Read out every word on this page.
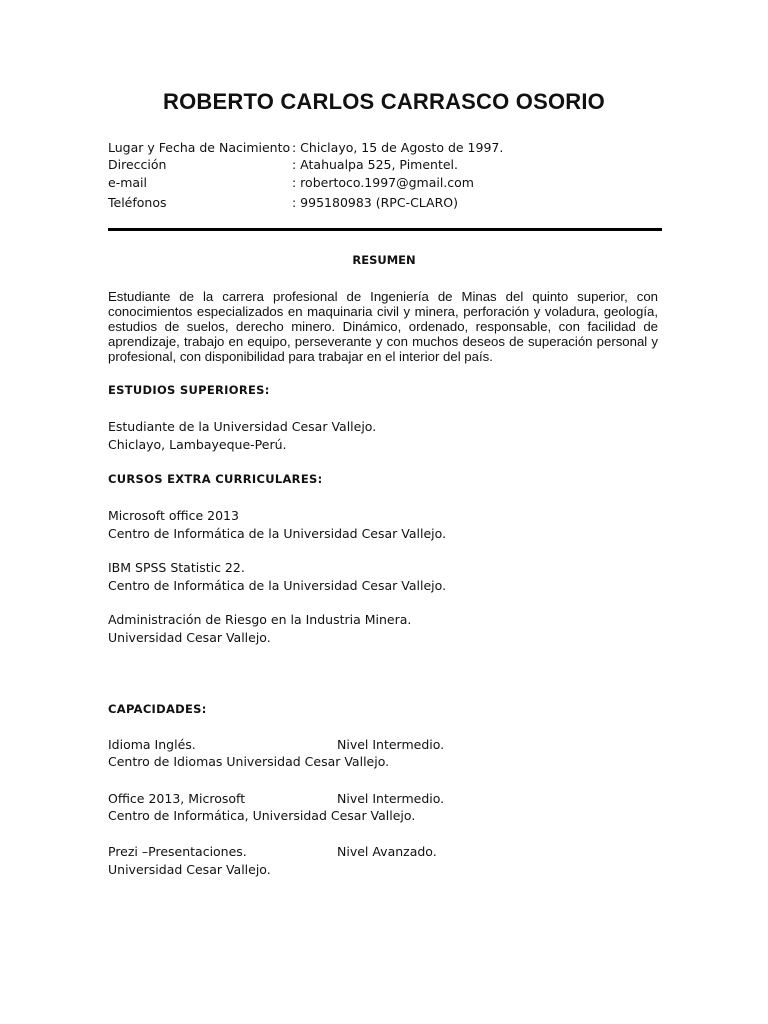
ROBERTO CARLOS CARRASCO OSORIO
Lugar y Fecha de Nacimiento : Chiclayo, 15 de Agosto de 1997.
Dirección	: Atahualpa 525, Pimentel.
e-mail	: robertoco.1997@gmail.com
Teléfonos	: 995180983 (RPC-CLARO)
RESUMEN
Estudiante de la carrera profesional de Ingeniería de Minas del quinto superior, con conocimientos especializados en maquinaria civil y minera, perforación y voladura, geología, estudios de suelos, derecho minero. Dinámico, ordenado, responsable, con facilidad de aprendizaje, trabajo en equipo, perseverante y con muchos deseos de superación personal y profesional, con disponibilidad para trabajar en el interior del país.
ESTUDIOS SUPERIORES:
Estudiante de la Universidad Cesar Vallejo.
Chiclayo, Lambayeque-Perú.
CURSOS EXTRA CURRICULARES:
Microsoft office 2013
Centro de Informática de la Universidad Cesar Vallejo.
IBM SPSS Statistic 22.
Centro de Informática de la Universidad Cesar Vallejo.
Administración de Riesgo en la Industria Minera.
Universidad Cesar Vallejo.
CAPACIDADES:
Idioma Inglés.	Nivel Intermedio.
Centro de Idiomas Universidad Cesar Vallejo.
Office 2013, Microsoft	Nivel Intermedio.
Centro de Informática, Universidad Cesar Vallejo.
Prezi –Presentaciones.	Nivel Avanzado.
Universidad Cesar Vallejo.
